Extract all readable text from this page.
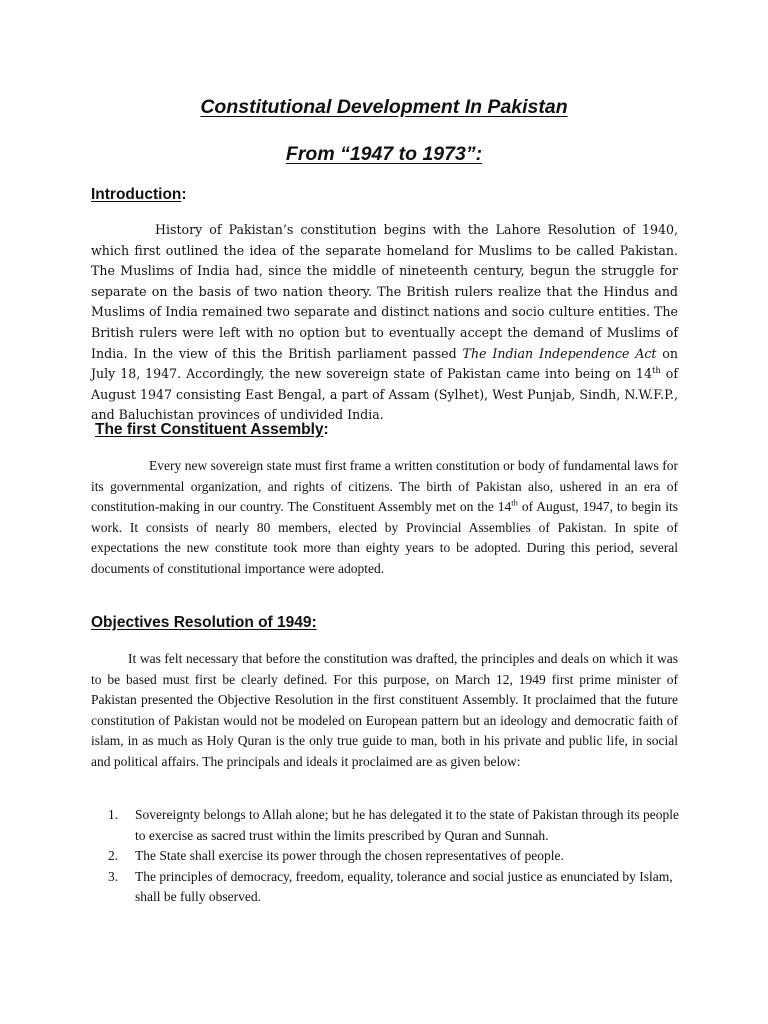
Constitutional Development In Pakistan
From “1947 to 1973”:
Introduction:
History of Pakistan’s constitution begins with the Lahore Resolution of 1940, which first outlined the idea of the separate homeland for Muslims to be called Pakistan. The Muslims of India had, since the middle of nineteenth century, begun the struggle for separate on the basis of two nation theory. The British rulers realize that the Hindus and Muslims of India remained two separate and distinct nations and socio culture entities. The British rulers were left with no option but to eventually accept the demand of Muslims of India. In the view of this the British parliament passed The Indian Independence Act on July 18, 1947. Accordingly, the new sovereign state of Pakistan came into being on 14th of August 1947 consisting East Bengal, a part of Assam (Sylhet), West Punjab, Sindh, N.W.F.P., and Baluchistan provinces of undivided India.
The first Constituent Assembly:
Every new sovereign state must first frame a written constitution or body of fundamental laws for its governmental organization, and rights of citizens. The birth of Pakistan also, ushered in an era of constitution-making in our country. The Constituent Assembly met on the 14th of August, 1947, to begin its work. It consists of nearly 80 members, elected by Provincial Assemblies of Pakistan. In spite of expectations the new constitute took more than eighty years to be adopted. During this period, several documents of constitutional importance were adopted.
Objectives Resolution of 1949:
It was felt necessary that before the constitution was drafted, the principles and deals on which it was to be based must first be clearly defined. For this purpose, on March 12, 1949 first prime minister of Pakistan presented the Objective Resolution in the first constituent Assembly. It proclaimed that the future constitution of Pakistan would not be modeled on European pattern but an ideology and democratic faith of islam, in as much as Holy Quran is the only true guide to man, both in his private and public life, in social and political affairs. The principals and ideals it proclaimed are as given below:
1. Sovereignty belongs to Allah alone; but he has delegated it to the state of Pakistan through its people to exercise as sacred trust within the limits prescribed by Quran and Sunnah.
2. The State shall exercise its power through the chosen representatives of people.
3. The principles of democracy, freedom, equality, tolerance and social justice as enunciated by Islam, shall be fully observed.
